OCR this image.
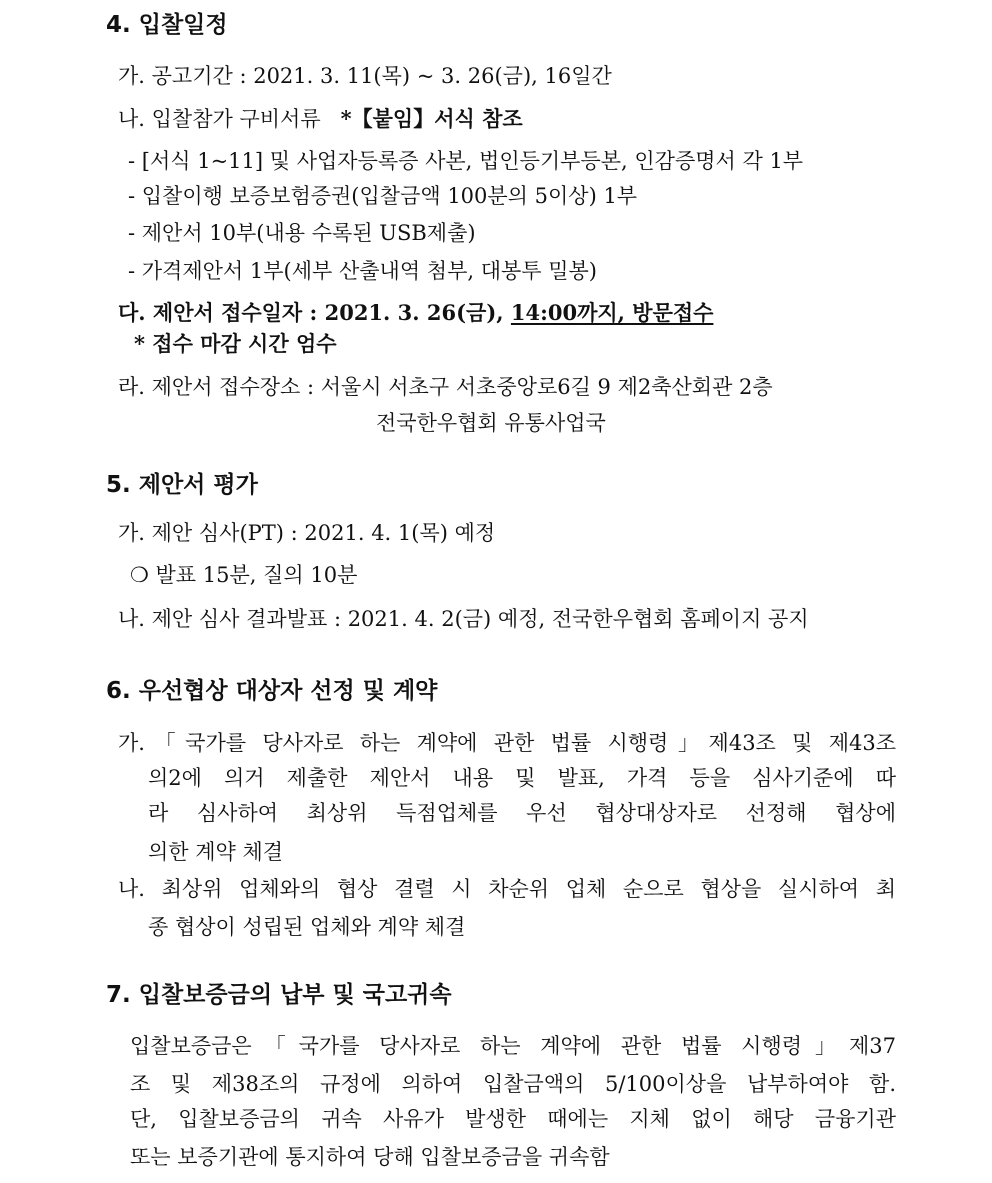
4. 입찰일정
가. 공고기간 : 2021. 3. 11(목) ~ 3. 26(금), 16일간
나. 입찰참가 구비서류 *【붙임】서식 참조
- [서식 1~11] 및 사업자등록증 사본, 법인등기부등본, 인감증명서 각 1부
- 입찰이행 보증보험증권(입찰금액 100분의 5이상) 1부
- 제안서 10부(내용 수록된 USB제출)
- 가격제안서 1부(세부 산출내역 첨부, 대봉투 밀봉)
다. 제안서 접수일자 : 2021. 3. 26(금), 14:00까지, 방문접수
* 접수 마감 시간 엄수
라. 제안서 접수장소 : 서울시 서초구 서초중앙로6길 9 제2축산회관 2층
전국한우협회 유통사업국
5. 제안서 평가
가. 제안 심사(PT) : 2021. 4. 1(목) 예정
❍ 발표 15분, 질의 10분
나. 제안 심사 결과발표 : 2021. 4. 2(금) 예정, 전국한우협회 홈페이지 공지
6. 우선협상 대상자 선정 및 계약
가.「국가를 당사자로 하는 계약에 관한 법률 시행령」제43조 및 제43조
의2에 의거 제출한 제안서 내용 및 발표, 가격 등을 심사기준에 따
라 심사하여 최상위 득점업체를 우선 협상대상자로 선정해 협상에
의한 계약 체결
나. 최상위 업체와의 협상 결렬 시 차순위 업체 순으로 협상을 실시하여 최
종 협상이 성립된 업체와 계약 체결
7. 입찰보증금의 납부 및 국고귀속
입찰보증금은「국가를 당사자로 하는 계약에 관한 법률 시행령」제37
조 및 제38조의 규정에 의하여 입찰금액의 5/100이상을 납부하여야 함.
단, 입찰보증금의 귀속 사유가 발생한 때에는 지체 없이 해당 금융기관
또는 보증기관에 통지하여 당해 입찰보증금을 귀속함
